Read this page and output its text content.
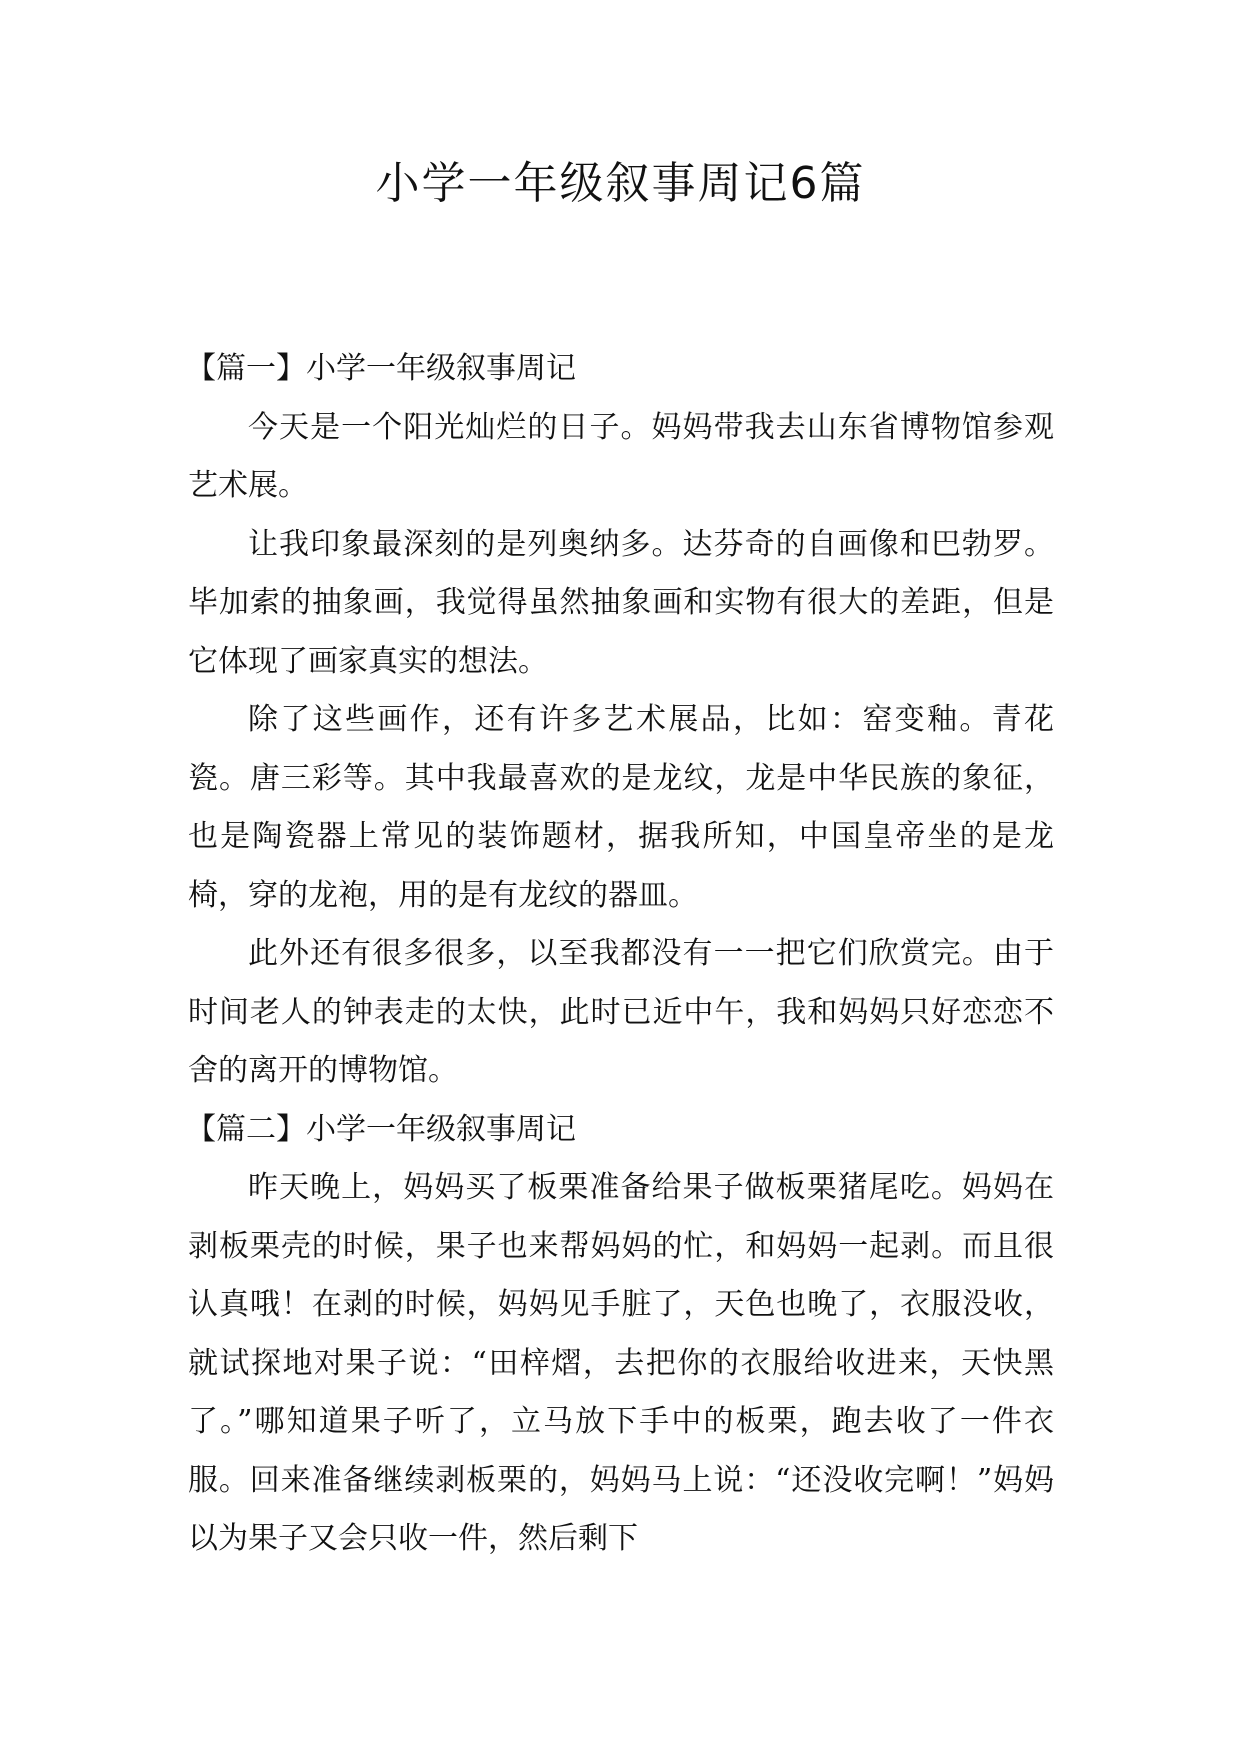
小学一年级叙事周记6篇
【篇一】小学一年级叙事周记

今天是一个阳光灿烂的日子。妈妈带我去山东省博物馆参观艺术展。

让我印象最深刻的是列奥纳多。达芬奇的自画像和巴勃罗。毕加索的抽象画，我觉得虽然抽象画和实物有很大的差距，但是它体现了画家真实的想法。

除了这些画作，还有许多艺术展品，比如：窑变釉。青花瓷。唐三彩等。其中我最喜欢的是龙纹，龙是中华民族的象征，也是陶瓷器上常见的装饰题材，据我所知，中国皇帝坐的是龙椅，穿的龙袍，用的是有龙纹的器皿。

此外还有很多很多，以至我都没有一一把它们欣赏完。由于时间老人的钟表走的太快，此时已近中午，我和妈妈只好恋恋不舍的离开的博物馆。

【篇二】小学一年级叙事周记

昨天晚上，妈妈买了板栗准备给果子做板栗猪尾吃。妈妈在剥板栗壳的时候，果子也来帮妈妈的忙，和妈妈一起剥。而且很认真哦！在剥的时候，妈妈见手脏了，天色也晚了，衣服没收，就试探地对果子说：“田梓熠，去把你的衣服给收进来，天快黑了。”哪知道果子听了，立马放下手中的板栗，跑去收了一件衣服。回来准备继续剥板栗的，妈妈马上说：“还没收完啊！”妈妈以为果子又会只收一件，然后剩下
